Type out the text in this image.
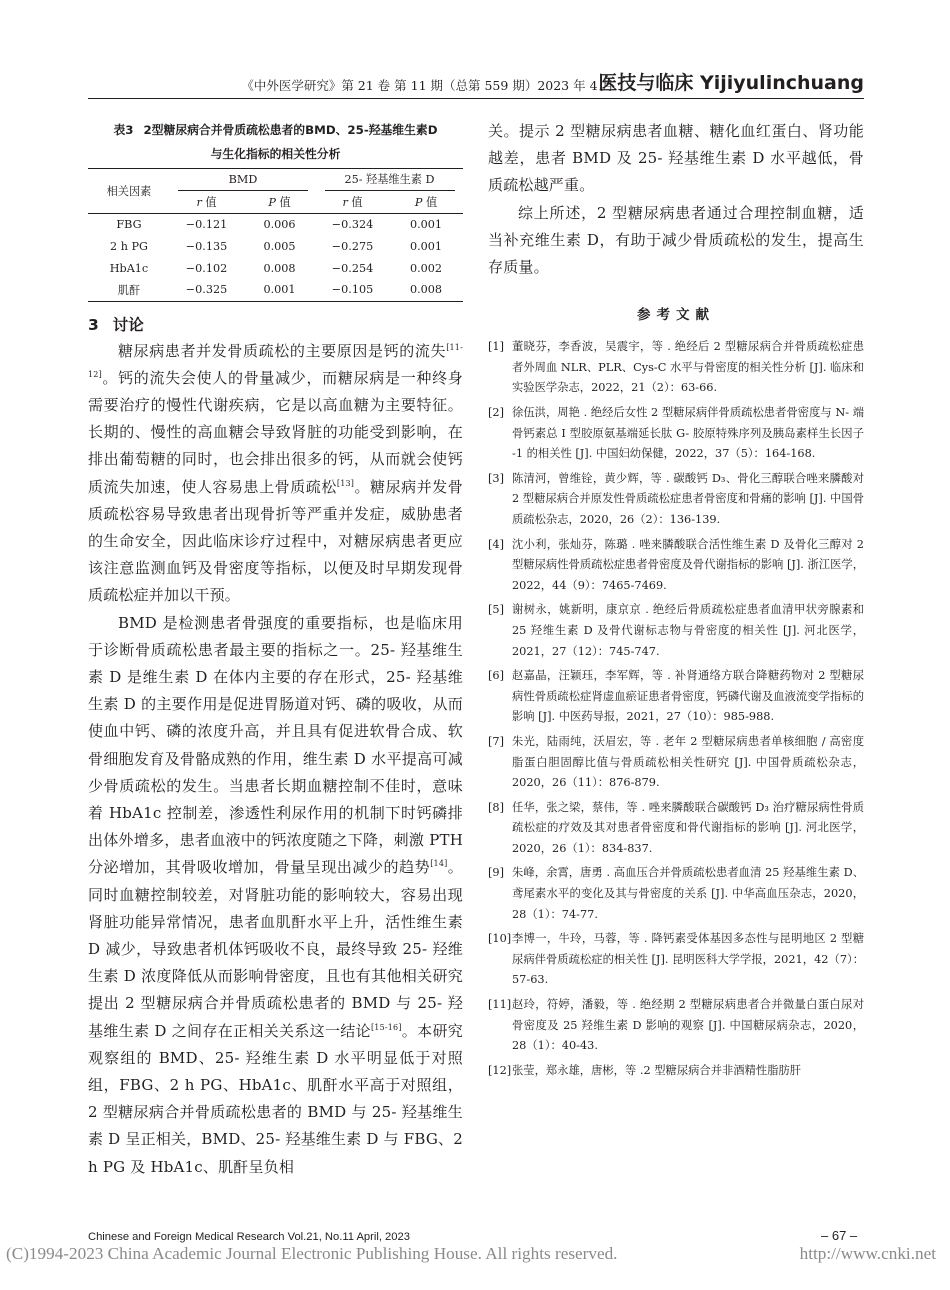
《中外医学研究》第 21 卷 第 11 期（总第 559 期）2023 年 4 月
医技与临床 Yijiyulinchuang
表3 2型糖尿病合并骨质疏松患者的BMD、25-羟基维生素D
与生化指标的相关性分析
相关因素	BMD		25- 羟基维生素 D	
	r 值	P 值	r 值	P 值
FBG	−0.121	0.006	−0.324	0.001
2 h PG	−0.135	0.005	−0.275	0.001
HbA1c	−0.102	0.008	−0.254	0.002
肌酐	−0.325	0.001	−0.105	0.008
3 讨论

糖尿病患者并发骨质疏松的主要原因是钙的流失[11-12]。钙的流失会使人的骨量减少，而糖尿病是一种终身需要治疗的慢性代谢疾病，它是以高血糖为主要特征。长期的、慢性的高血糖会导致肾脏的功能受到影响，在排出葡萄糖的同时，也会排出很多的钙，从而就会使钙质流失加速，使人容易患上骨质疏松[13]。糖尿病并发骨质疏松容易导致患者出现骨折等严重并发症，威胁患者的生命安全，因此临床诊疗过程中，对糖尿病患者更应该注意监测血钙及骨密度等指标，以便及时早期发现骨质疏松症并加以干预。

BMD 是检测患者骨强度的重要指标，也是临床用于诊断骨质疏松患者最主要的指标之一。25- 羟基维生素 D 是维生素 D 在体内主要的存在形式，25- 羟基维生素 D 的主要作用是促进胃肠道对钙、磷的吸收，从而使血中钙、磷的浓度升高，并且具有促进软骨合成、软骨细胞发育及骨骼成熟的作用，维生素 D 水平提高可减少骨质疏松的发生。当患者长期血糖控制不佳时，意味着 HbA1c 控制差，渗透性利尿作用的机制下时钙磷排出体外增多，患者血液中的钙浓度随之下降，刺激 PTH 分泌增加，其骨吸收增加，骨量呈现出减少的趋势[14]。同时血糖控制较差，对肾脏功能的影响较大，容易出现肾脏功能异常情况，患者血肌酐水平上升，活性维生素 D 减少，导致患者机体钙吸收不良，最终导致 25- 羟维生素 D 浓度降低从而影响骨密度，且也有其他相关研究提出 2 型糖尿病合并骨质疏松患者的 BMD 与 25- 羟基维生素 D 之间存在正相关关系这一结论[15-16]。本研究观察组的 BMD、25- 羟维生素 D 水平明显低于对照组，FBG、2 h PG、HbA1c、肌酐水平高于对照组，2 型糖尿病合并骨质疏松患者的 BMD 与 25- 羟基维生素 D 呈正相关，BMD、25- 羟基维生素 D 与 FBG、2 h PG 及 HbA1c、肌酐呈负相

关。提示 2 型糖尿病患者血糖、糖化血红蛋白、肾功能越差，患者 BMD 及 25- 羟基维生素 D 水平越低，骨质疏松越严重。

综上所述，2 型糖尿病患者通过合理控制血糖，适当补充维生素 D，有助于减少骨质疏松的发生，提高生存质量。

参考文献
[1] 董晓芬，李香波，吴震宇，等 . 绝经后 2 型糖尿病合并骨质疏松症患者外周血 NLR、PLR、Cys-C 水平与骨密度的相关性分析 [J]. 临床和实验医学杂志，2022，21（2）：63-66.
[2] 徐伍洪，周艳 . 绝经后女性 2 型糖尿病伴骨质疏松患者骨密度与 N- 端骨钙素总 Ⅰ 型胶原氨基端延长肽 G- 胶原特殊序列及胰岛素样生长因子 -1 的相关性 [J]. 中国妇幼保健，2022，37（5）：164-168.
[3] 陈清河，曾维铨，黄少辉，等 . 碳酸钙 D₃、骨化三醇联合唑来膦酸对 2 型糖尿病合并原发性骨质疏松症患者骨密度和骨痛的影响 [J]. 中国骨质疏松杂志，2020，26（2）：136-139.
[4] 沈小利，张灿芬，陈璐 . 唑来膦酸联合活性维生素 D 及骨化三醇对 2 型糖尿病性骨质疏松症患者骨密度及骨代谢指标的影响 [J]. 浙江医学，2022，44（9）：7465-7469.
[5] 谢树永，姚新明，康京京 . 绝经后骨质疏松症患者血清甲状旁腺素和 25 羟维生素 D 及骨代谢标志物与骨密度的相关性 [J]. 河北医学，2021，27（12）：745-747.
[6] 赵嘉晶，汪颖珏，李军辉，等 . 补肾通络方联合降糖药物对 2 型糖尿病性骨质疏松症肾虚血瘀证患者骨密度，钙磷代谢及血液流变学指标的影响 [J]. 中医药导报，2021，27（10）：985-988.
[7] 朱光，陆雨纯，沃眉宏，等 . 老年 2 型糖尿病患者单核细胞 / 高密度脂蛋白胆固醇比值与骨质疏松相关性研究 [J]. 中国骨质疏松杂志，2020，26（11）：876-879.
[8] 任华，张之梁，蔡伟，等 . 唑来膦酸联合碳酸钙 D₃ 治疗糖尿病性骨质疏松症的疗效及其对患者骨密度和骨代谢指标的影响 [J]. 河北医学，2020，26（1）：834-837.
[9] 朱峰，余霄，唐勇 . 高血压合并骨质疏松患者血清 25 羟基维生素 D、鸢尾素水平的变化及其与骨密度的关系 [J]. 中华高血压杂志，2020，28（1）：74-77.
[10] 李博一，牛玲，马蓉，等 . 降钙素受体基因多态性与昆明地区 2 型糖尿病伴骨质疏松症的相关性 [J]. 昆明医科大学学报，2021，42（7）：57-63.
[11] 赵玲，符婷，潘毅，等 . 绝经期 2 型糖尿病患者合并微量白蛋白尿对骨密度及 25 羟维生素 D 影响的观察 [J]. 中国糖尿病杂志，2020，28（1）：40-43.
[12] 张莹，郑永雄，唐彬，等 .2 型糖尿病合并非酒精性脂肪肝
Chinese and Foreign Medical Research Vol.21, No.11 April, 2023	– 67 –
(C)1994-2023 China Academic Journal Electronic Publishing House. All rights reserved.	http://www.cnki.net
